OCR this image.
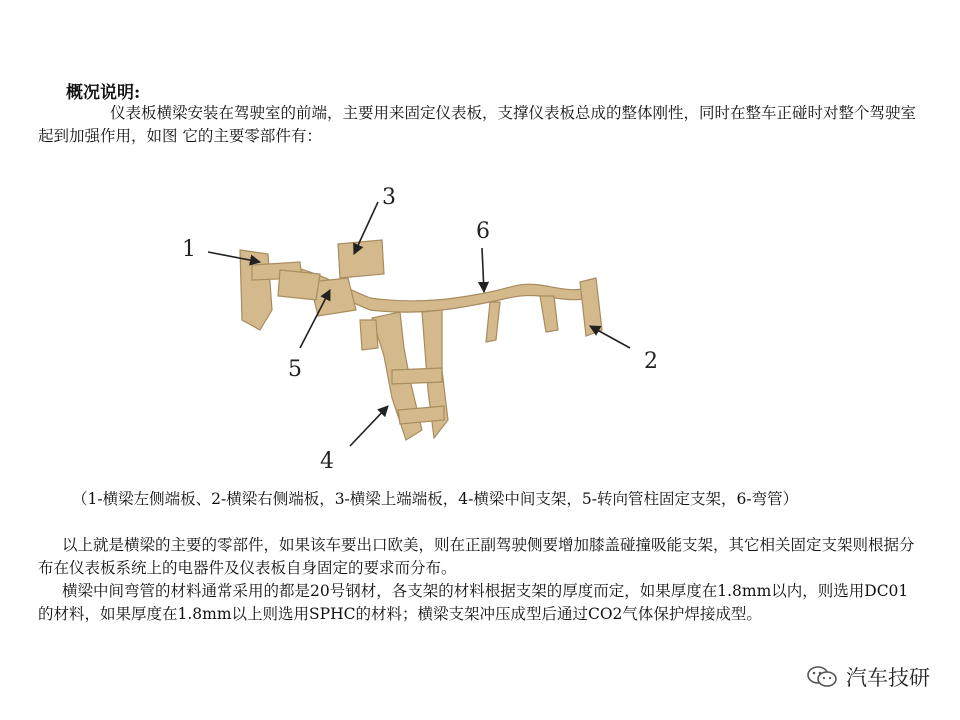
概况说明:

仪表板横梁安装在驾驶室的前端，主要用来固定仪表板，支撑仪表板总成的整体刚性，同时在整车正碰时对整个驾驶室起到加强作用，如图 它的主要零部件有：

1
2
3
4
5
6

（1-横梁左侧端板、2-横梁右侧端板，3-横梁上端端板，4-横梁中间支架，5-转向管柱固定支架，6-弯管）

以上就是横梁的主要的零部件，如果该车要出口欧美，则在正副驾驶侧要增加膝盖碰撞吸能支架，其它相关固定支架则根据分布在仪表板系统上的电器件及仪表板自身固定的要求而分布。

横梁中间弯管的材料通常采用的都是20号钢材，各支架的材料根据支架的厚度而定，如果厚度在1.8mm以内，则选用DC01的材料，如果厚度在1.8mm以上则选用SPHC的材料；横梁支架冲压成型后通过CO2气体保护焊接成型。

汽车技研
